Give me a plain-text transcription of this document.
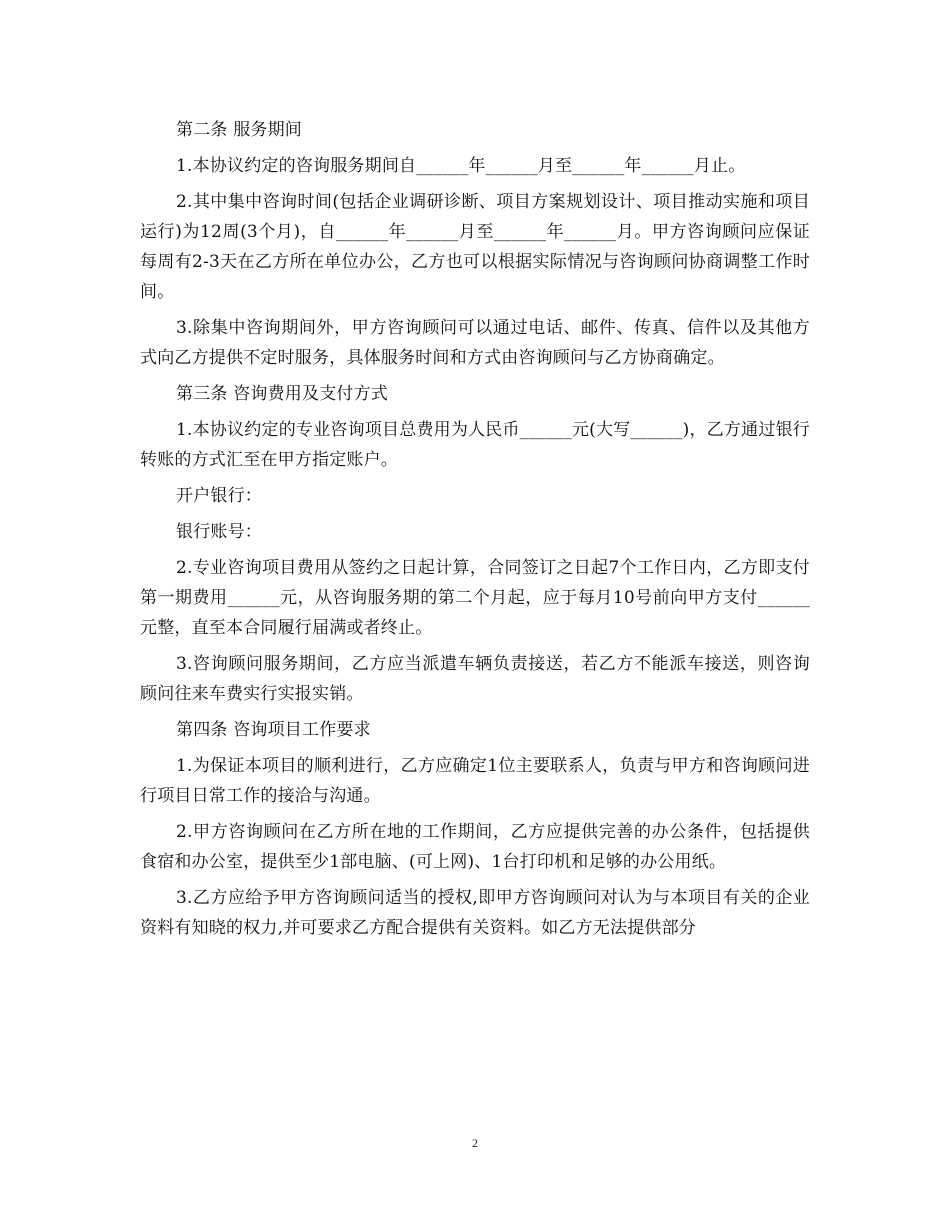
第二条 服务期间

1.本协议约定的咨询服务期间自______年______月至______年______月止。

2.其中集中咨询时间(包括企业调研诊断、项目方案规划设计、项目推动实施和项目运行)为12周(3个月)，自______年______月至______年______月。甲方咨询顾问应保证每周有2-3天在乙方所在单位办公，乙方也可以根据实际情况与咨询顾问协商调整工作时间。

3.除集中咨询期间外，甲方咨询顾问可以通过电话、邮件、传真、信件以及其他方式向乙方提供不定时服务，具体服务时间和方式由咨询顾问与乙方协商确定。

第三条 咨询费用及支付方式

1.本协议约定的专业咨询项目总费用为人民币______元(大写______)，乙方通过银行转账的方式汇至在甲方指定账户。

开户银行：

银行账号：

2.专业咨询项目费用从签约之日起计算，合同签订之日起7个工作日内，乙方即支付第一期费用______元，从咨询服务期的第二个月起，应于每月10号前向甲方支付______元整，直至本合同履行届满或者终止。

3.咨询顾问服务期间，乙方应当派遣车辆负责接送，若乙方不能派车接送，则咨询顾问往来车费实行实报实销。

第四条 咨询项目工作要求

1.为保证本项目的顺利进行，乙方应确定1位主要联系人，负责与甲方和咨询顾问进行项目日常工作的接洽与沟通。

2.甲方咨询顾问在乙方所在地的工作期间，乙方应提供完善的办公条件，包括提供食宿和办公室，提供至少1部电脑、(可上网)、1台打印机和足够的办公用纸。

3.乙方应给予甲方咨询顾问适当的授权,即甲方咨询顾问对认为与本项目有关的企业资料有知晓的权力,并可要求乙方配合提供有关资料。如乙方无法提供部分

2
